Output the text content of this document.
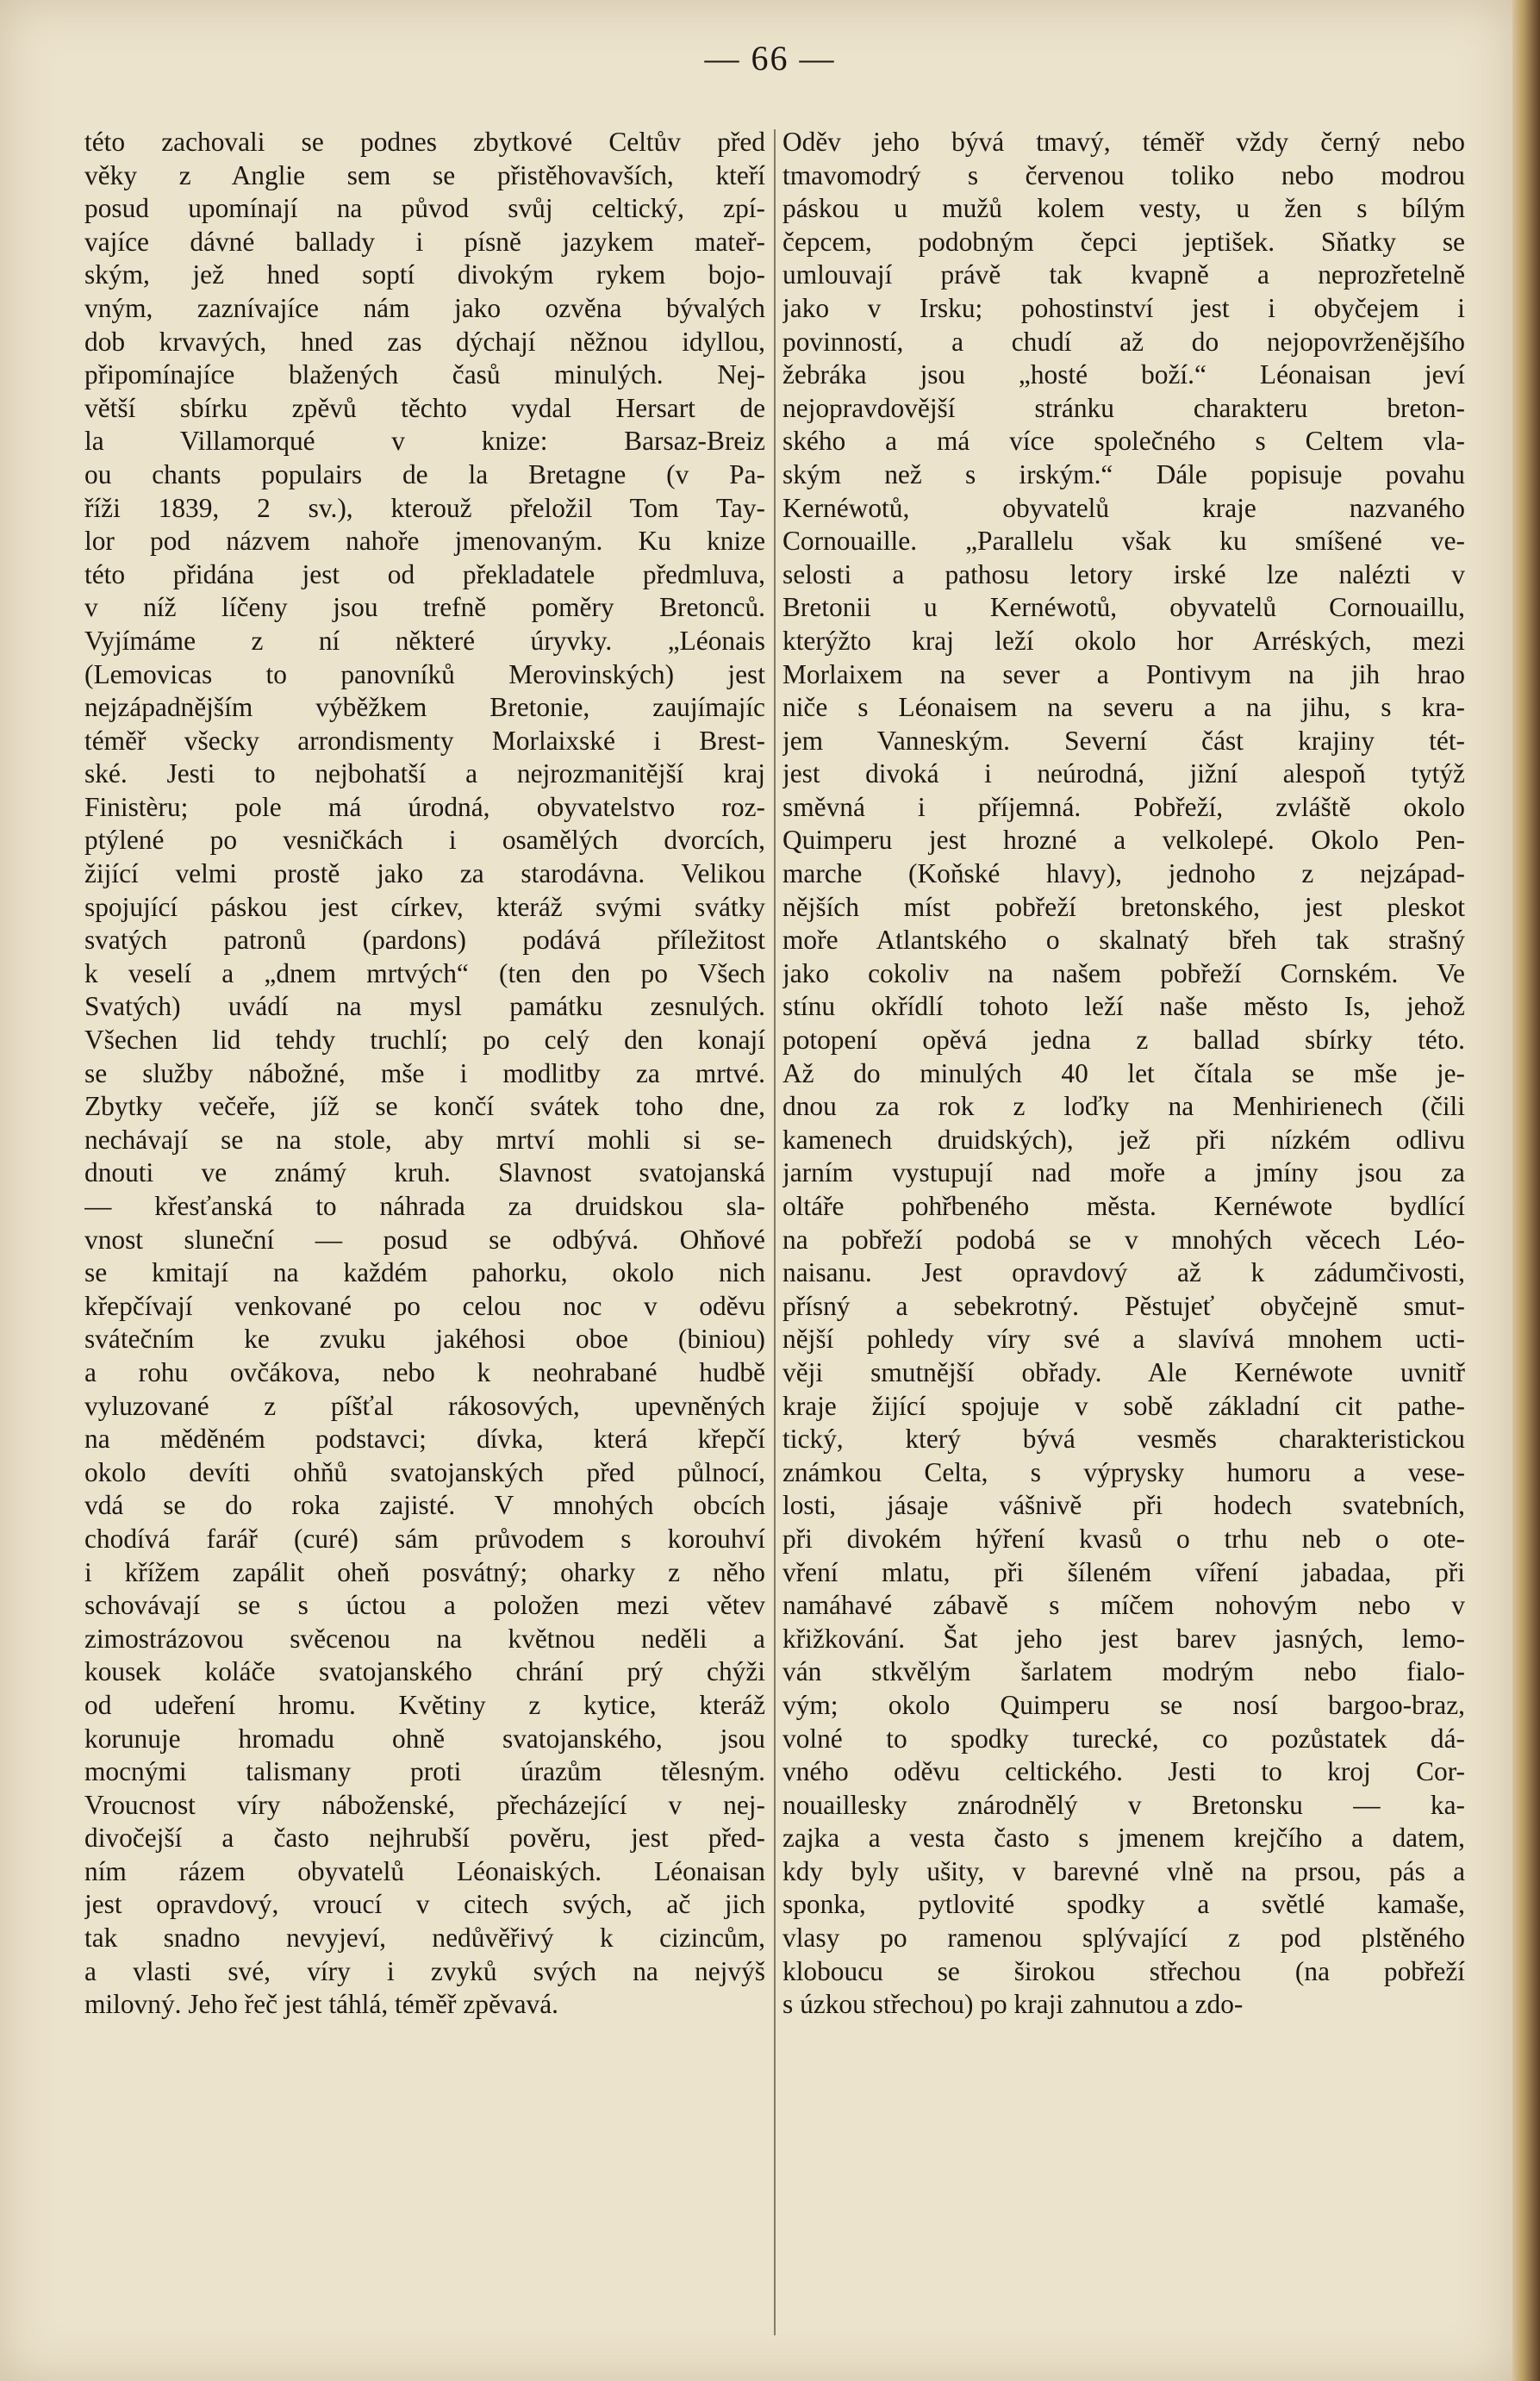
— 66 —
této zachovali se podnes zbytkové Celtův před
věky z Anglie sem se přistěhovavších, kteří
posud upomínají na původ svůj celtický, zpí-
vajíce dávné ballady i písně jazykem mateř-
ským, jež hned soptí divokým rykem bojo-
vným, zaznívajíce nám jako ozvěna bývalých
dob krvavých, hned zas dýchají něžnou idyllou,
připomínajíce blažených časů minulých. Nej-
větší sbírku zpěvů těchto vydal Hersart de
la Villamorqué v knize: Barsaz-Breiz
ou chants populairs de la Bretagne (v Pa-
říži 1839, 2 sv.), kterouž přeložil Tom Tay-
lor pod názvem nahoře jmenovaným. Ku knize
této přidána jest od překladatele předmluva,
v níž líčeny jsou trefně poměry Bretonců.
Vyjímáme z ní některé úryvky. „Léonais
(Lemovicas to panovníků Merovinských) jest
nejzápadnějším výběžkem Bretonie, zaujímajíc
téměř všecky arrondismenty Morlaixské i Brest-
ské. Jesti to nejbohatší a nejrozmanitější kraj
Finistèru; pole má úrodná, obyvatelstvo roz-
ptýlené po vesničkách i osamělých dvorcích,
žijící velmi prostě jako za starodávna. Velikou
spojující páskou jest církev, kteráž svými svátky
svatých patronů (pardons) podává příležitost
k veselí a „dnem mrtvých“ (ten den po Všech
Svatých) uvádí na mysl památku zesnulých.
Všechen lid tehdy truchlí; po celý den konají
se služby nábožné, mše i modlitby za mrtvé.
Zbytky večeře, jíž se končí svátek toho dne,
nechávají se na stole, aby mrtví mohli si se-
dnouti ve známý kruh. Slavnost svatojanská
— křesťanská to náhrada za druidskou sla-
vnost sluneční — posud se odbývá. Ohňové
se kmitají na každém pahorku, okolo nich
křepčívají venkované po celou noc v oděvu
svátečním ke zvuku jakéhosi oboe (biniou)
a rohu ovčákova, nebo k neohrabané hudbě
vyluzované z píšťal rákosových, upevněných
na měděném podstavci; dívka, která křepčí
okolo devíti ohňů svatojanských před půlnocí,
vdá se do roka zajisté. V mnohých obcích
chodívá farář (curé) sám průvodem s korouhví
i křížem zapálit oheň posvátný; oharky z něho
schovávají se s úctou a položen mezi větev
zimostrázovou svěcenou na květnou neděli a
kousek koláče svatojanského chrání prý chýži
od udeření hromu. Květiny z kytice, kteráž
korunuje hromadu ohně svatojanského, jsou
mocnými talismany proti úrazům tělesným.
Vroucnost víry náboženské, přecházející v nej-
divočejší a často nejhrubší pověru, jest před-
ním rázem obyvatelů Léonaiských. Léonaisan
jest opravdový, vroucí v citech svých, ač jich
tak snadno nevyjeví, nedůvěřivý k cizincům,
a vlasti své, víry i zvyků svých na nejvýš
milovný. Jeho řeč jest táhlá, téměř zpěvavá.
Oděv jeho bývá tmavý, téměř vždy černý nebo
tmavomodrý s červenou toliko nebo modrou
páskou u mužů kolem vesty, u žen s bílým
čepcem, podobným čepci jeptišek. Sňatky se
umlouvají právě tak kvapně a neprozřetelně
jako v Irsku; pohostinství jest i obyčejem i
povinností, a chudí až do nejopovrženějšího
žebráka jsou „hosté boží.“ Léonaisan jeví
nejopravdovější stránku charakteru breton-
ského a má více společného s Celtem vla-
ským než s irským.“ Dále popisuje povahu
Kernéwotů, obyvatelů kraje nazvaného
Cornouaille. „Parallelu však ku smíšené ve-
selosti a pathosu letory irské lze nalézti v
Bretonii u Kernéwotů, obyvatelů Cornouaillu,
kterýžto kraj leží okolo hor Arréských, mezi
Morlaixem na sever a Pontivym na jih hrao
niče s Léonaisem na severu a na jihu, s kra-
jem Vanneským. Severní část krajiny tét-
jest divoká i neúrodná, jižní alespoň tytýž
směvná i příjemná. Pobřeží, zvláště okolo
Quimperu jest hrozné a velkolepé. Okolo Pen-
marche (Koňské hlavy), jednoho z nejzápad-
nějších míst pobřeží bretonského, jest pleskot
moře Atlantského o skalnatý břeh tak strašný
jako cokoliv na našem pobřeží Cornském. Ve
stínu okřídlí tohoto leží naše město Is, jehož
potopení opěvá jedna z ballad sbírky této.
Až do minulých 40 let čítala se mše je-
dnou za rok z loďky na Menhirienech (čili
kamenech druidských), jež při nízkém odlivu
jarním vystupují nad moře a jmíny jsou za
oltáře pohřbeného města. Kernéwote bydlící
na pobřeží podobá se v mnohých věcech Léo-
naisanu. Jest opravdový až k zádumčivosti,
přísný a sebekrotný. Pěstujeť obyčejně smut-
nější pohledy víry své a slavívá mnohem ucti-
věji smutnější obřady. Ale Kernéwote uvnitř
kraje žijící spojuje v sobě základní cit pathe-
tický, který bývá vesměs charakteristickou
známkou Celta, s výprysky humoru a vese-
losti, jásaje vášnivě při hodech svatebních,
při divokém hýření kvasů o trhu neb o ote-
vření mlatu, při šíleném víření jabadaa, při
namáhavé zábavě s míčem nohovým nebo v
křižkování. Šat jeho jest barev jasných, lemo-
ván stkvělým šarlatem modrým nebo fialo-
vým; okolo Quimperu se nosí bargoo-braz,
volné to spodky turecké, co pozůstatek dá-
vného oděvu celtického. Jesti to kroj Cor-
nouaillesky znárodnělý v Bretonsku — ka-
zajka a vesta často s jmenem krejčího a datem,
kdy byly ušity, v barevné vlně na prsou, pás a
sponka, pytlovité spodky a světlé kamaše,
vlasy po ramenou splývající z pod plstěného
kloboucu se širokou střechou (na pobřeží
s úzkou střechou) po kraji zahnutou a zdo-
